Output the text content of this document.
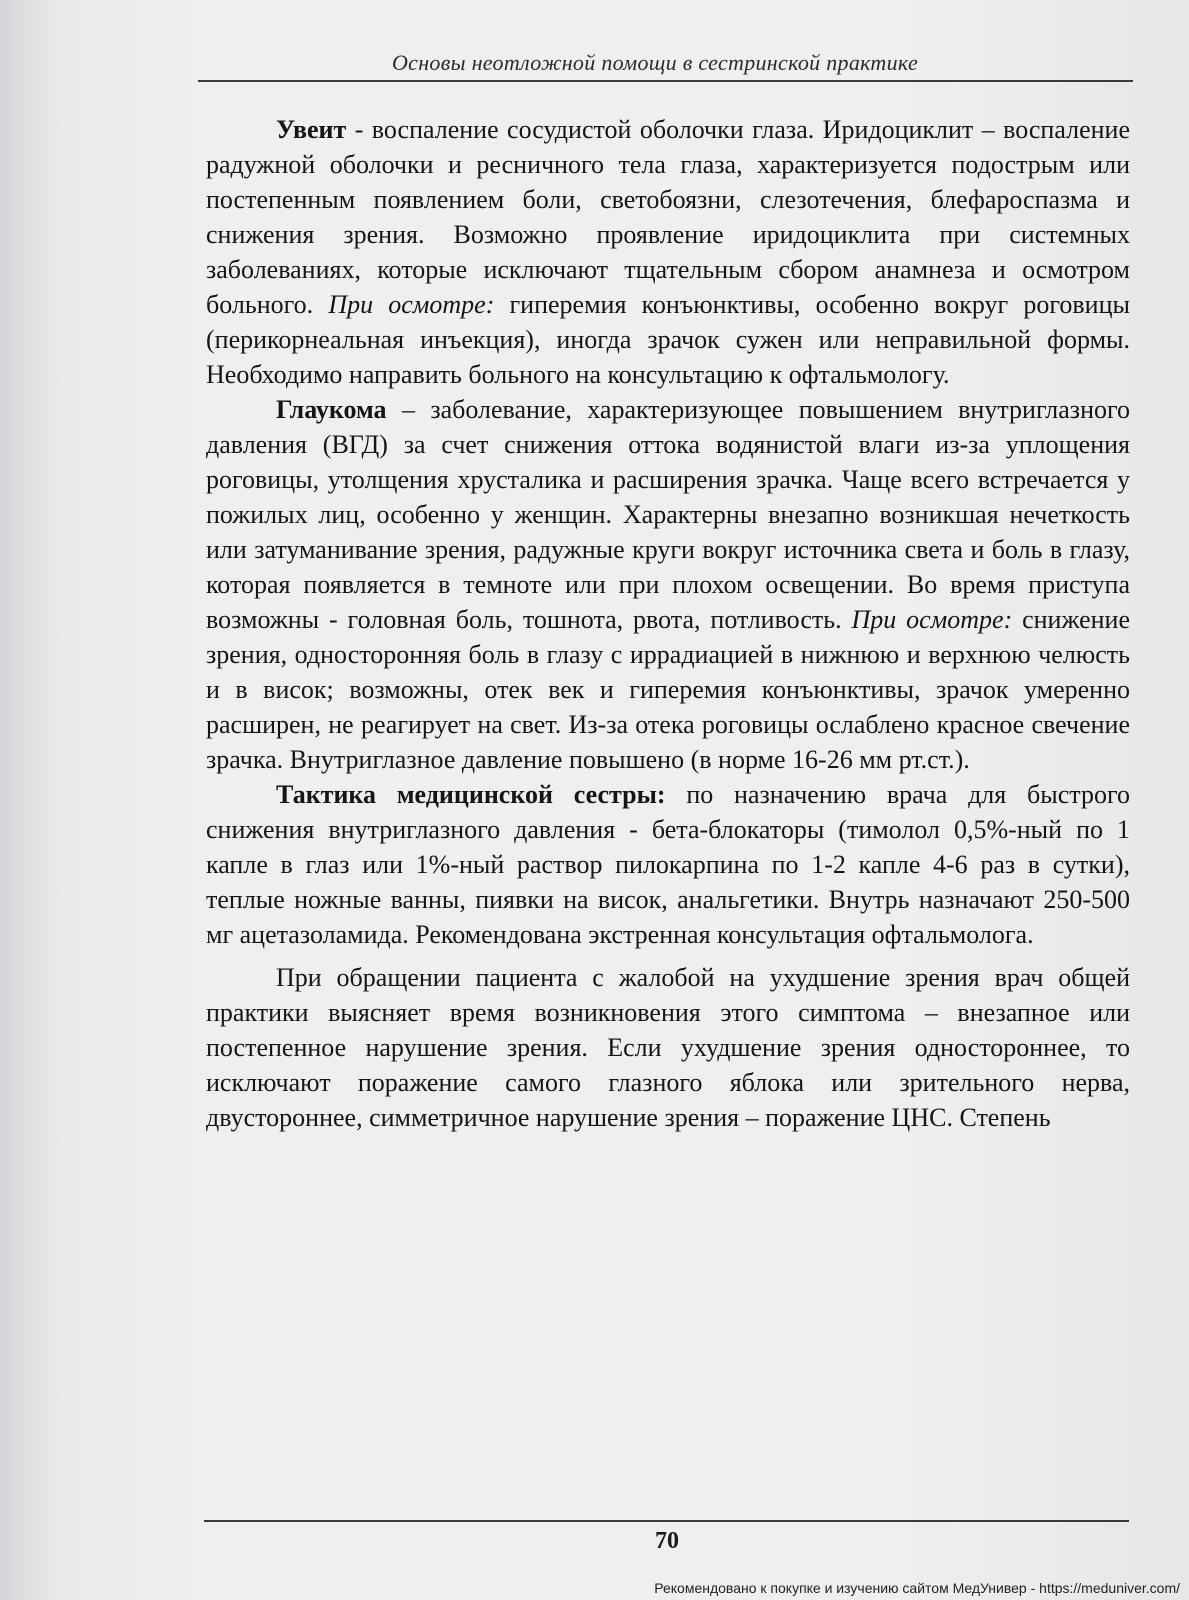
Основы неотложной помощи в сестринской практике

Увеит - воспаление сосудистой оболочки глаза. Иридоциклит – воспаление радужной оболочки и ресничного тела глаза, характеризуется подострым или постепенным появлением боли, светобоязни, слезотечения, блефароспазма и снижения зрения. Возможно проявление иридоциклита при системных заболеваниях, которые исключают тщательным сбором анамнеза и осмотром больного. При осмотре: гиперемия конъюнктивы, особенно вокруг роговицы (перикорнеальная инъекция), иногда зрачок сужен или неправильной формы. Необходимо направить больного на консультацию к офтальмологу.

Глаукома – заболевание, характеризующее повышением внутриглазного давления (ВГД) за счет снижения оттока водянистой влаги из-за уплощения роговицы, утолщения хрусталика и расширения зрачка. Чаще всего встречается у пожилых лиц, особенно у женщин. Характерны внезапно возникшая нечеткость или затуманивание зрения, радужные круги вокруг источника света и боль в глазу, которая появляется в темноте или при плохом освещении. Во время приступа возможны - головная боль, тошнота, рвота, потливость. При осмотре: снижение зрения, односторонняя боль в глазу с иррадиацией в нижнюю и верхнюю челюсть и в висок; возможны, отек век и гиперемия конъюнктивы, зрачок умеренно расширен, не реагирует на свет. Из-за отека роговицы ослаблено красное свечение зрачка. Внутриглазное давление повышено (в норме 16-26 мм рт.ст.).

Тактика медицинской сестры: по назначению врача для быстрого снижения внутриглазного давления - бета-блокаторы (тимолол 0,5%-ный по 1 капле в глаз или 1%-ный раствор пилокарпина по 1-2 капле 4-6 раз в сутки), теплые ножные ванны, пиявки на висок, анальгетики. Внутрь назначают 250-500 мг ацетазоламида. Рекомендована экстренная консультация офтальмолога.

При обращении пациента с жалобой на ухудшение зрения врач общей практики выясняет время возникновения этого симптома – внезапное или постепенное нарушение зрения. Если ухудшение зрения одностороннее, то исключают поражение самого глазного яблока или зрительного нерва, двустороннее, симметричное нарушение зрения – поражение ЦНС. Степень

70
Рекомендовано к покупке и изучению сайтом МедУнивер - https://meduniver.com/
